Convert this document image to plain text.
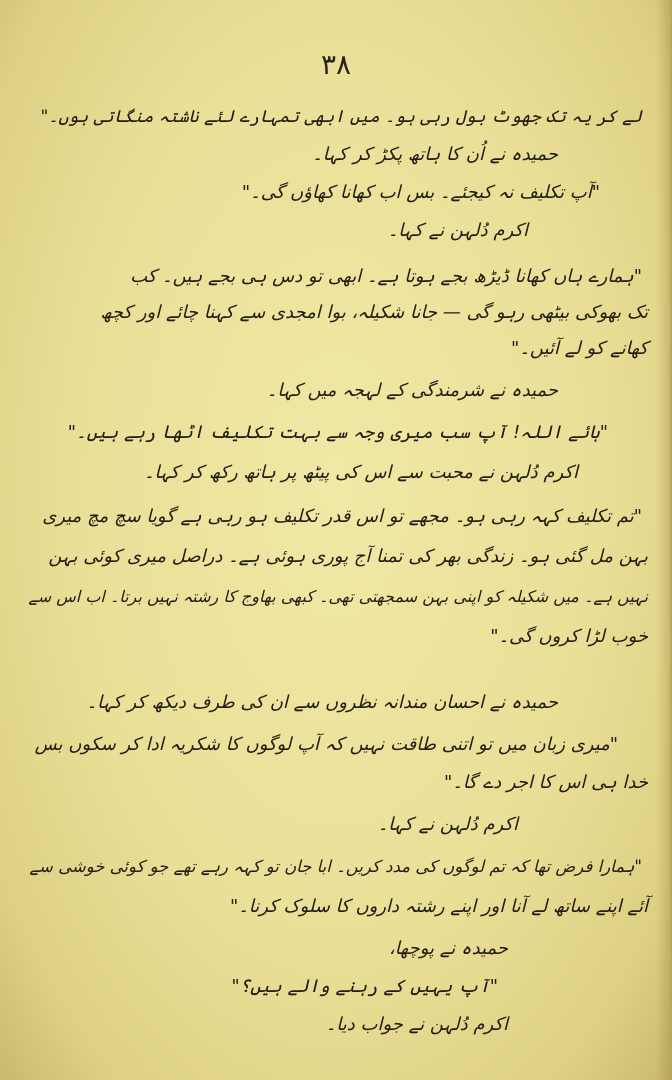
۳۸
لے کر یہ تک جھوٹ بول رہی ہو۔ میں ابھی تمہارے لئے ناشتہ منگاتی ہوں۔"
حمیدہ نے اُن کا ہاتھ پکڑ کر کہا۔
"آپ تکلیف نہ کیجئے۔ بس اب کھانا کھاؤں گی۔"
اکرم دُلہن نے کہا۔
"ہمارے ہاں کھانا ڈیڑھ بجے ہوتا ہے۔ ابھی تو دس ہی بجے ہیں۔ کب
تک بھوکی بیٹھی رہو گی — جانا شکیلہ، بوا امجدی سے کہنا چائے اور کچھ
کھانے کو لے آئیں۔"
حمیدہ نے شرمندگی کے لہجہ میں کہا۔
"ہائے اللہ! آپ سب میری وجہ سے بہت تکلیف اٹھا رہے ہیں۔"
اکرم دُلہن نے محبت سے اس کی پیٹھ پر ہاتھ رکھ کر کہا۔
"تم تکلیف کہہ رہی ہو۔ مجھے تو اس قدر تکلیف ہو رہی ہے گویا سچ مچ میری
بہن مل گئی ہو۔ زندگی بھر کی تمنا آج پوری ہوئی ہے۔ دراصل میری کوئی بہن
نہیں ہے۔ میں شکیلہ کو اپنی بہن سمجھتی تھی۔ کبھی بھاوج کا رشتہ نہیں برتا۔ اب اس سے
خوب لڑا کروں گی۔"
حمیدہ نے احسان مندانہ نظروں سے ان کی طرف دیکھ کر کہا۔
"میری زبان میں تو اتنی طاقت نہیں کہ آپ لوگوں کا شکریہ ادا کر سکوں بس
خدا ہی اس کا اجر دے گا۔"
اکرم دُلہن نے کہا۔
"ہمارا فرض تھا کہ تم لوگوں کی مدد کریں۔ ابا جان تو کہہ رہے تھے جو کوئی خوشی سے
آئے اپنے ساتھ لے آنا اور اپنے رشتہ داروں کا سلوک کرنا۔"
حمیدہ نے پوچھا،
"آپ یہیں کے رہنے والے ہیں؟"
اکرم دُلہن نے جواب دیا۔
